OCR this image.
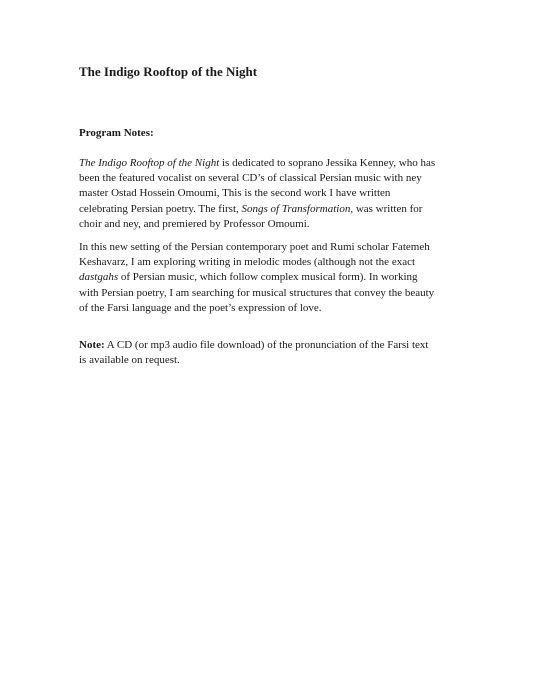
The Indigo Rooftop of the Night
Program Notes:

The Indigo Rooftop of the Night is dedicated to soprano Jessika Kenney, who has
been the featured vocalist on several CD’s of classical Persian music with ney
master Ostad Hossein Omoumi, This is the second work I have written
celebrating Persian poetry. The first, Songs of Transformation, was written for
choir and ney, and premiered by Professor Omoumi.

In this new setting of the Persian contemporary poet and Rumi scholar Fatemeh
Keshavarz, I am exploring writing in melodic modes (although not the exact
dastgahs of Persian music, which follow complex musical form). In working
with Persian poetry, I am searching for musical structures that convey the beauty
of the Farsi language and the poet’s expression of love.

Note: A CD (or mp3 audio file download) of the pronunciation of the Farsi text
is available on request.
